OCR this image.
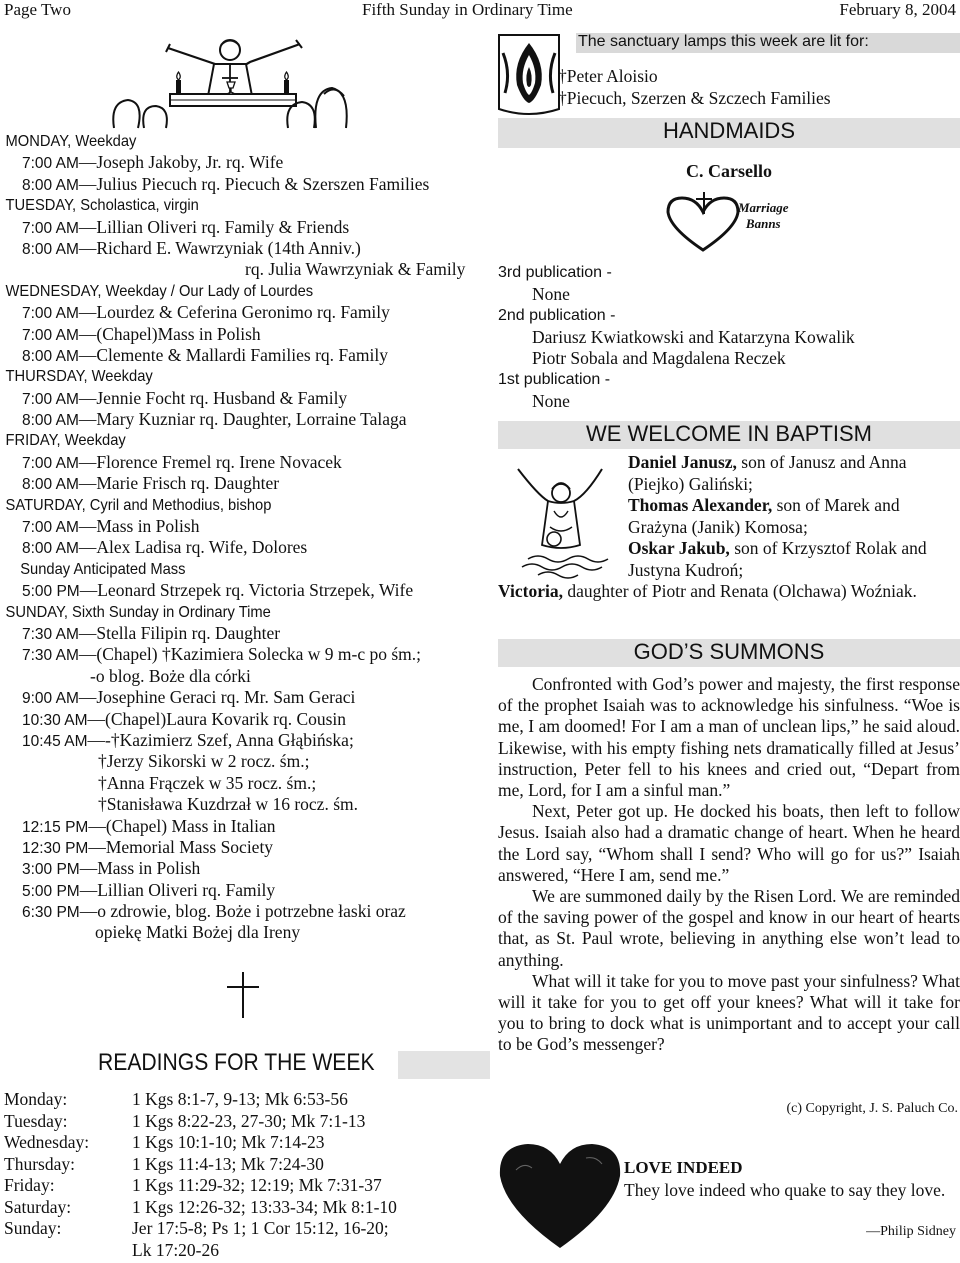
Page Two	Fifth Sunday in Ordinary Time	February 8, 2004
MONDAY, Weekday
7:00 AM—Joseph Jakoby, Jr. rq. Wife
8:00 AM—Julius Piecuch rq. Piecuch & Szerszen Families
TUESDAY, Scholastica, virgin
7:00 AM—Lillian Oliveri rq. Family & Friends
8:00 AM—Richard E. Wawrzyniak (14th Anniv.)
rq. Julia Wawrzyniak & Family
WEDNESDAY, Weekday / Our Lady of Lourdes
7:00 AM—Lourdez & Ceferina Geronimo rq. Family
7:00 AM—(Chapel)Mass in Polish
8:00 AM—Clemente & Mallardi Families rq. Family
THURSDAY, Weekday
7:00 AM—Jennie Focht rq. Husband & Family
8:00 AM—Mary Kuzniar rq. Daughter, Lorraine Talaga
FRIDAY, Weekday
7:00 AM—Florence Fremel rq. Irene Novacek
8:00 AM—Marie Frisch rq. Daughter
SATURDAY, Cyril and Methodius, bishop
7:00 AM—Mass in Polish
8:00 AM—Alex Ladisa rq. Wife, Dolores
Sunday Anticipated Mass
5:00 PM—Leonard Strzepek rq. Victoria Strzepek, Wife
SUNDAY, Sixth Sunday in Ordinary Time
7:30 AM—Stella Filipin rq. Daughter
7:30 AM—(Chapel) †Kazimiera Solecka w 9 m-c po śm.;
-o blog. Boże dla córki
9:00 AM—Josephine Geraci rq. Mr. Sam Geraci
10:30 AM—(Chapel)Laura Kovarik rq. Cousin
10:45 AM—-†Kazimierz Szef, Anna Głąbińska;
†Jerzy Sikorski w 2 rocz. śm.;
†Anna Frączek w 35 rocz. śm.;
†Stanisława Kuzdrzał w 16 rocz. śm.
12:15 PM—(Chapel) Mass in Italian
12:30 PM—Memorial Mass Society
3:00 PM—Mass in Polish
5:00 PM—Lillian Oliveri rq. Family
6:30 PM—o zdrowie, blog. Boże i potrzebne łaski oraz
opiekę Matki Bożej dla Ireny
READINGS FOR THE WEEK
Monday:	1 Kgs 8:1-7, 9-13; Mk 6:53-56
Tuesday:	1 Kgs 8:22-23, 27-30; Mk 7:1-13
Wednesday:	1 Kgs 10:1-10; Mk 7:14-23
Thursday:	1 Kgs 11:4-13; Mk 7:24-30
Friday:	1 Kgs 11:29-32; 12:19; Mk 7:31-37
Saturday:	1 Kgs 12:26-32; 13:33-34; Mk 8:1-10
Sunday:	Jer 17:5-8; Ps 1; 1 Cor 15:12, 16-20;
Lk 17:20-26
The sanctuary lamps this week are lit for:
†Peter Aloisio
†Piecuch, Szerzen & Szczech Families
HANDMAIDS
C. Carsello
Marriage
Banns
3rd publication -
None
2nd publication -
Dariusz Kwiatkowski and Katarzyna Kowalik
Piotr Sobala and Magdalena Reczek
1st publication -
None
WE WELCOME IN BAPTISM
Daniel Janusz, son of Janusz and Anna (Piejko) Galiński;
Thomas Alexander, son of Marek and Grażyna (Janik) Komosa;
Oskar Jakub, son of Krzysztof Rolak and Justyna Kudroń;
Victoria, daughter of Piotr and Renata (Olchawa) Woźniak.
GOD’S SUMMONS

Confronted with God’s power and majesty, the first response of the prophet Isaiah was to acknowledge his sinfulness. “Woe is me, I am doomed! For I am a man of unclean lips,” he said aloud. Likewise, with his empty fishing nets dramatically filled at Jesus’ instruction, Peter fell to his knees and cried out, “Depart from me, Lord, for I am a sinful man.”

Next, Peter got up. He docked his boats, then left to follow Jesus. Isaiah also had a dramatic change of heart. When he heard the Lord say, “Whom shall I send? Who will go for us?” Isaiah answered, “Here I am, send me.”

We are summoned daily by the Risen Lord. We are reminded of the saving power of the gospel and know in our heart of hearts that, as St. Paul wrote, believing in anything else won’t lead to anything.

What will it take for you to move past your sinfulness? What will it take for you to get off your knees? What will it take for you to bring to dock what is unimportant and to accept your call to be God’s messenger?

(c) Copyright, J. S. Paluch Co.
LOVE INDEED
They love indeed who quake to say they love.
—Philip Sidney
